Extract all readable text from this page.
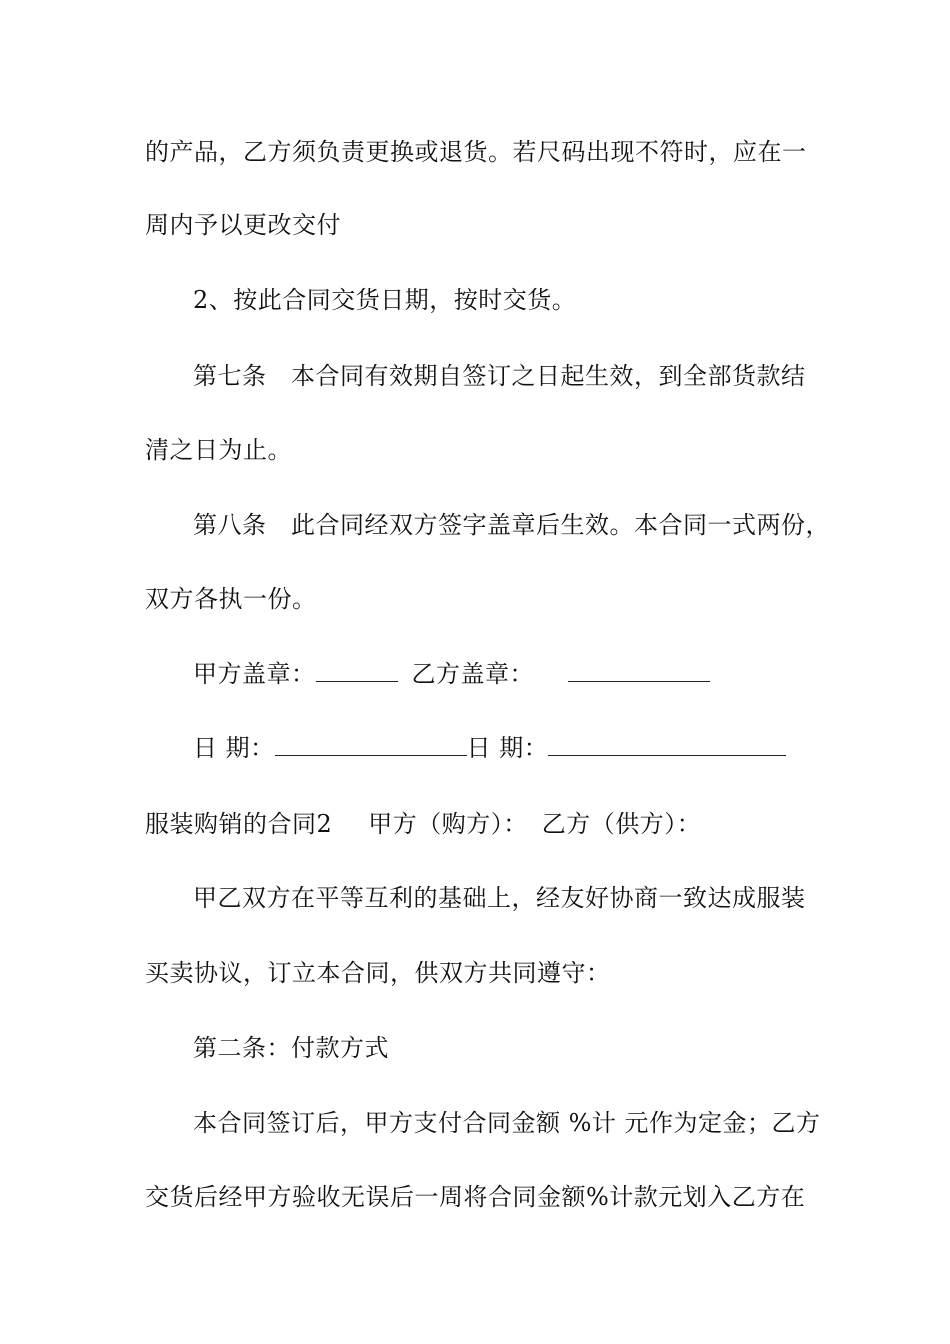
的产品，乙方须负责更换或退货。若尺码出现不符时，应在一
周内予以更改交付
2、按此合同交货日期，按时交货。
第七条　本合同有效期自签订之日起生效，到全部货款结
清之日为止。
第八条　此合同经双方签字盖章后生效。本合同一式两份，
双方各执一份。
甲方盖章：	乙方盖章：
日 期：	日 期：
服装购销的合同2 甲方（购方）： 乙方（供方）：
甲乙双方在平等互利的基础上，经友好协商一致达成服装
买卖协议，订立本合同，供双方共同遵守：
第二条：付款方式
本合同签订后，甲方支付合同金额 %计 元作为定金；乙方
交货后经甲方验收无误后一周将合同金额%计款元划入乙方在
